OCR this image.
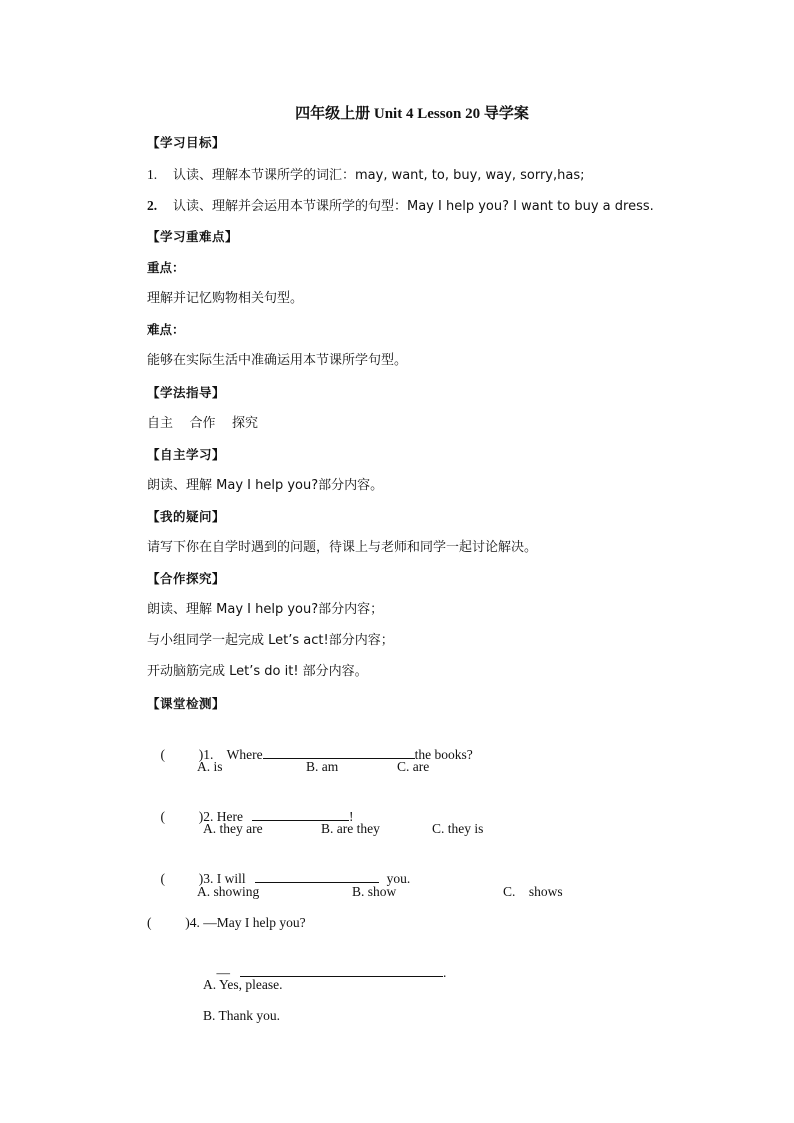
四年级上册 Unit 4 Lesson 20 导学案
【学习目标】
1. 认读、理解本节课所学的词汇：may, want, to, buy, way, sorry,has;
2. 认读、理解并会运用本节课所学的句型：May I help you? I want to buy a dress.
【学习重难点】
重点：
理解并记忆购物相关句型。
难点：
能够在实际生活中准确运用本节课所学句型。
【学法指导】
自主    合作    探究
【自主学习】
朗读、理解 May I help you?部分内容。
【我的疑问】
请写下你在自学时遇到的问题，待课上与老师和同学一起讨论解决。
【合作探究】
朗读、理解 May I help you?部分内容；
与小组同学一起完成 Let’s act!部分内容；
开动脑筋完成 Let’s do it! 部分内容。
【课堂检测】

(          )1.    Where	the books?

A. is	B. am	C. are

(          )2. Here	!

A. they are	B. are they	C. they is

(          )3. I will	you.

A. showing	B. show	C.    shows
(          )4. —May I help you?

—	.

A. Yes, please.
B. Thank you.
